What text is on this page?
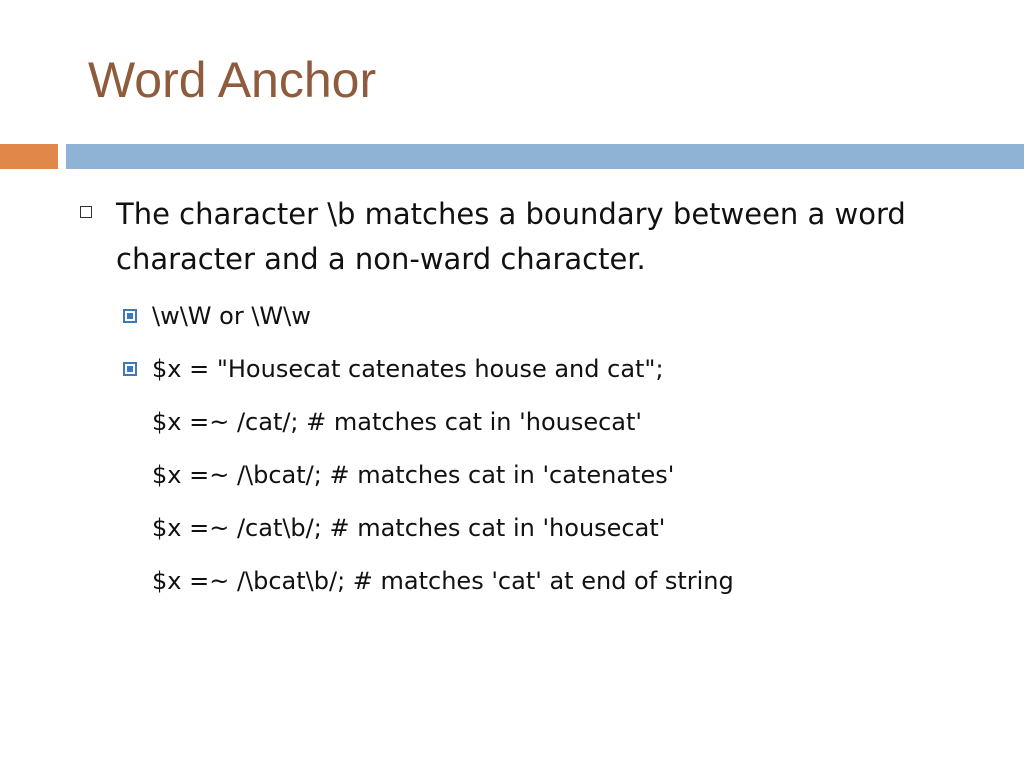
Word Anchor

The character \b matches a boundary between a word character and a non-ward character.

\w\W or \W\w

$x = "Housecat catenates house and cat";

$x =~ /cat/; # matches cat in 'housecat'

$x =~ /\bcat/; # matches cat in 'catenates'

$x =~ /cat\b/; # matches cat in 'housecat'

$x =~ /\bcat\b/; # matches 'cat' at end of string
